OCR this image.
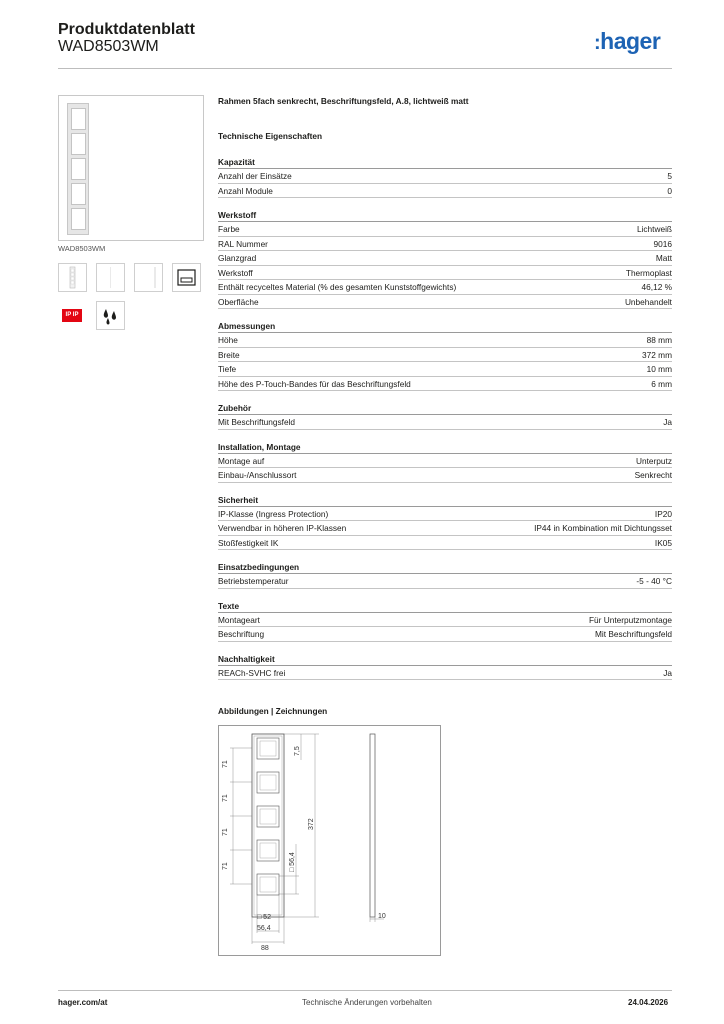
Produktdatenblatt
WAD8503WM	:hager
WAD8503WM
IP IP
Rahmen 5fach senkrecht, Beschriftungsfeld, A.8, lichtweiß matt
Technische Eigenschaften
Kapazität
Anzahl der Einsätze	5
Anzahl Module	0
Werkstoff
Farbe	Lichtweiß
RAL Nummer	9016
Glanzgrad	Matt
Werkstoff	Thermoplast
Enthält recyceltes Material (% des gesamten Kunststoffgewichts)	46,12 %
Oberfläche	Unbehandelt
Abmessungen
Höhe	88 mm
Breite	372 mm
Tiefe	10 mm
Höhe des P-Touch-Bandes für das Beschriftungsfeld	6 mm
Zubehör
Mit Beschriftungsfeld	Ja
Installation, Montage
Montage auf	Unterputz
Einbau-/Anschlussort	Senkrecht
Sicherheit
IP-Klasse (Ingress Protection)	IP20
Verwendbar in höheren IP-Klassen	IP44 in Kombination mit Dichtungsset
Stoßfestigkeit IK	IK05
Einsatzbedingungen
Betriebstemperatur	-5 - 40 °C
Texte
Montageart	Für Unterputzmontage
Beschriftung	Mit Beschriftungsfeld
Nachhaltigkeit
REACh-SVHC frei	Ja
Abbildungen | Zeichnungen
71
71
71
71
7,5
372
□ 56,4
□ 52
56,4
88
10
hager.com/at	Technische Änderungen vorbehalten	24.04.2026
